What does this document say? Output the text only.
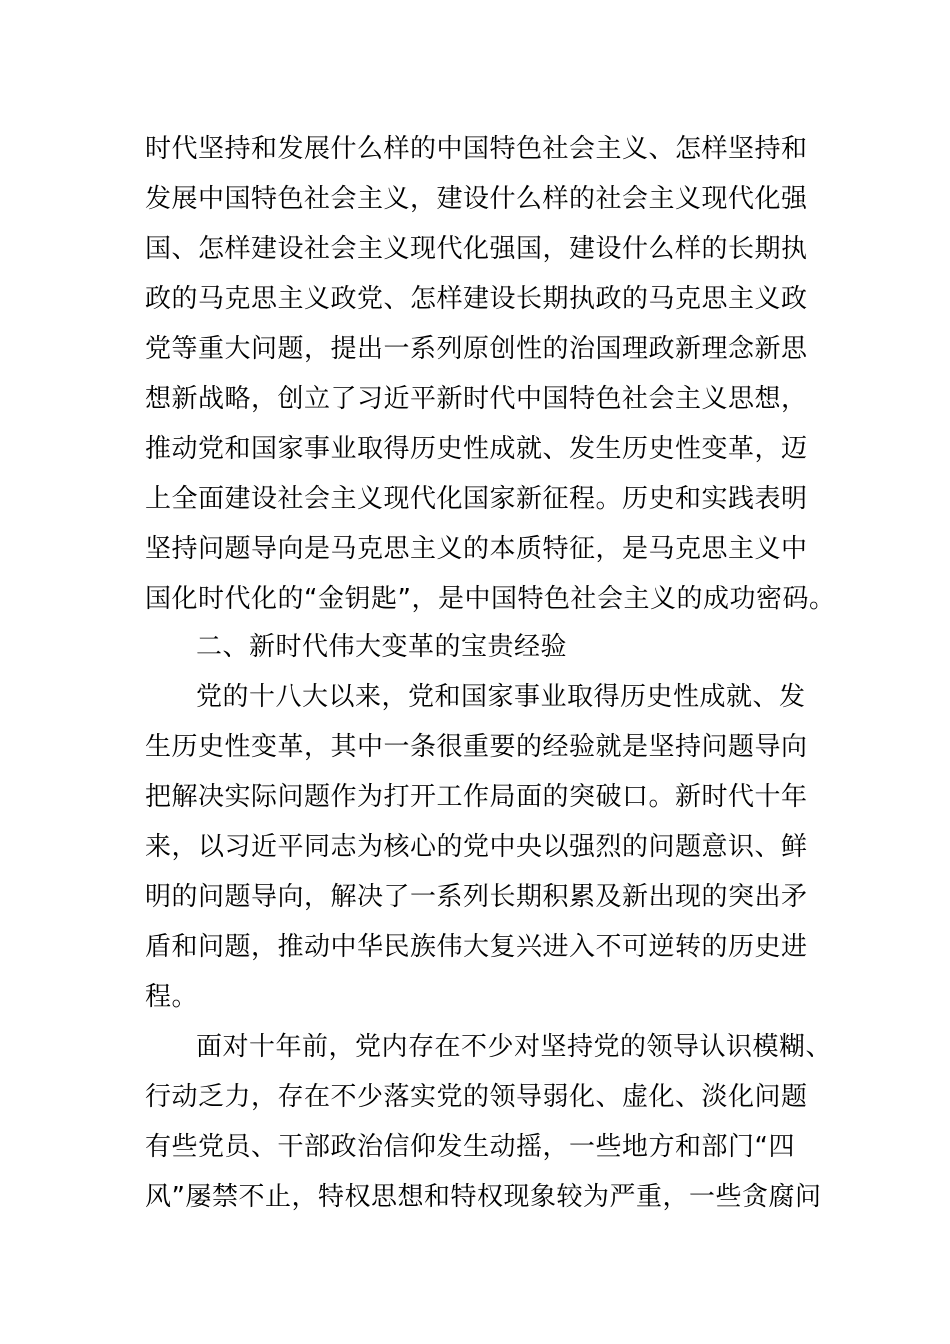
时代坚持和发展什么样的中国特色社会主义、怎样坚持和
发展中国特色社会主义，建设什么样的社会主义现代化强
国、怎样建设社会主义现代化强国，建设什么样的长期执
政的马克思主义政党、怎样建设长期执政的马克思主义政
党等重大问题，提出一系列原创性的治国理政新理念新思
想新战略，创立了习近平新时代中国特色社会主义思想，
推动党和国家事业取得历史性成就、发生历史性变革，迈
上全面建设社会主义现代化国家新征程。历史和实践表明
坚持问题导向是马克思主义的本质特征，是马克思主义中
国化时代化的“金钥匙”，是中国特色社会主义的成功密码。
二、新时代伟大变革的宝贵经验
党的十八大以来，党和国家事业取得历史性成就、发
生历史性变革，其中一条很重要的经验就是坚持问题导向
把解决实际问题作为打开工作局面的突破口。新时代十年
来，以习近平同志为核心的党中央以强烈的问题意识、鲜
明的问题导向，解决了一系列长期积累及新出现的突出矛
盾和问题，推动中华民族伟大复兴进入不可逆转的历史进
程。
面对十年前，党内存在不少对坚持党的领导认识模糊、
行动乏力，存在不少落实党的领导弱化、虚化、淡化问题
有些党员、干部政治信仰发生动摇，一些地方和部门“四
风”屡禁不止，特权思想和特权现象较为严重，一些贪腐问
